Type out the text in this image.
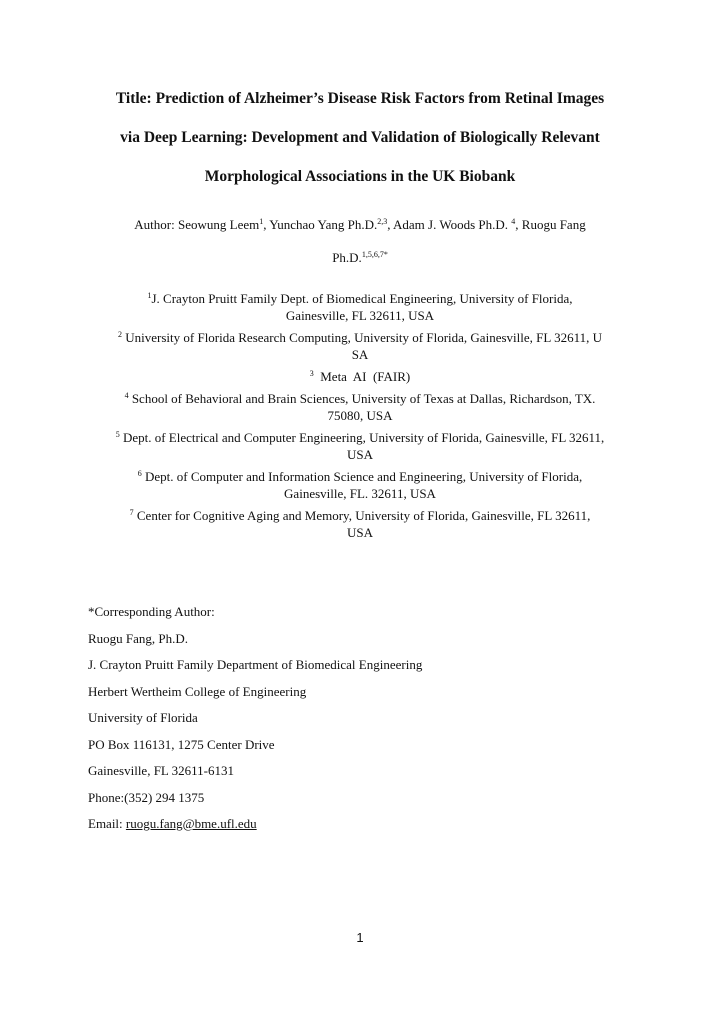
Title: Prediction of Alzheimer’s Disease Risk Factors from Retinal Images
via Deep Learning: Development and Validation of Biologically Relevant
Morphological Associations in the UK Biobank

Author: Seowung Leem$^1$, Yunchao Yang Ph.D.$^{2,3}$, Adam J. Woods Ph.D. $^4$, Ruogu Fang
Ph.D.$^{1,5,6,7*}$

$^1$J. Crayton Pruitt Family Dept. of Biomedical Engineering, University of Florida,
Gainesville, FL 32611, USA

$^2$ University of Florida Research Computing, University of Florida, Gainesville, FL 32611, U
SA

$^3$  Meta  AI  (FAIR)

$^4$ School of Behavioral and Brain Sciences, University of Texas at Dallas, Richardson, TX.
75080, USA

$^5$ Dept. of Electrical and Computer Engineering, University of Florida, Gainesville, FL 32611,
USA

$^6$ Dept. of Computer and Information Science and Engineering, University of Florida,
Gainesville, FL. 32611, USA

$^7$ Center for Cognitive Aging and Memory, University of Florida, Gainesville, FL 32611,
USA

*Corresponding Author:
Ruogu Fang, Ph.D.
J. Crayton Pruitt Family Department of Biomedical Engineering
Herbert Wertheim College of Engineering
University of Florida
PO Box 116131, 1275 Center Drive
Gainesville, FL 32611-6131
Phone:(352) 294 1375
Email: ruogu.fang@bme.ufl.edu
1
